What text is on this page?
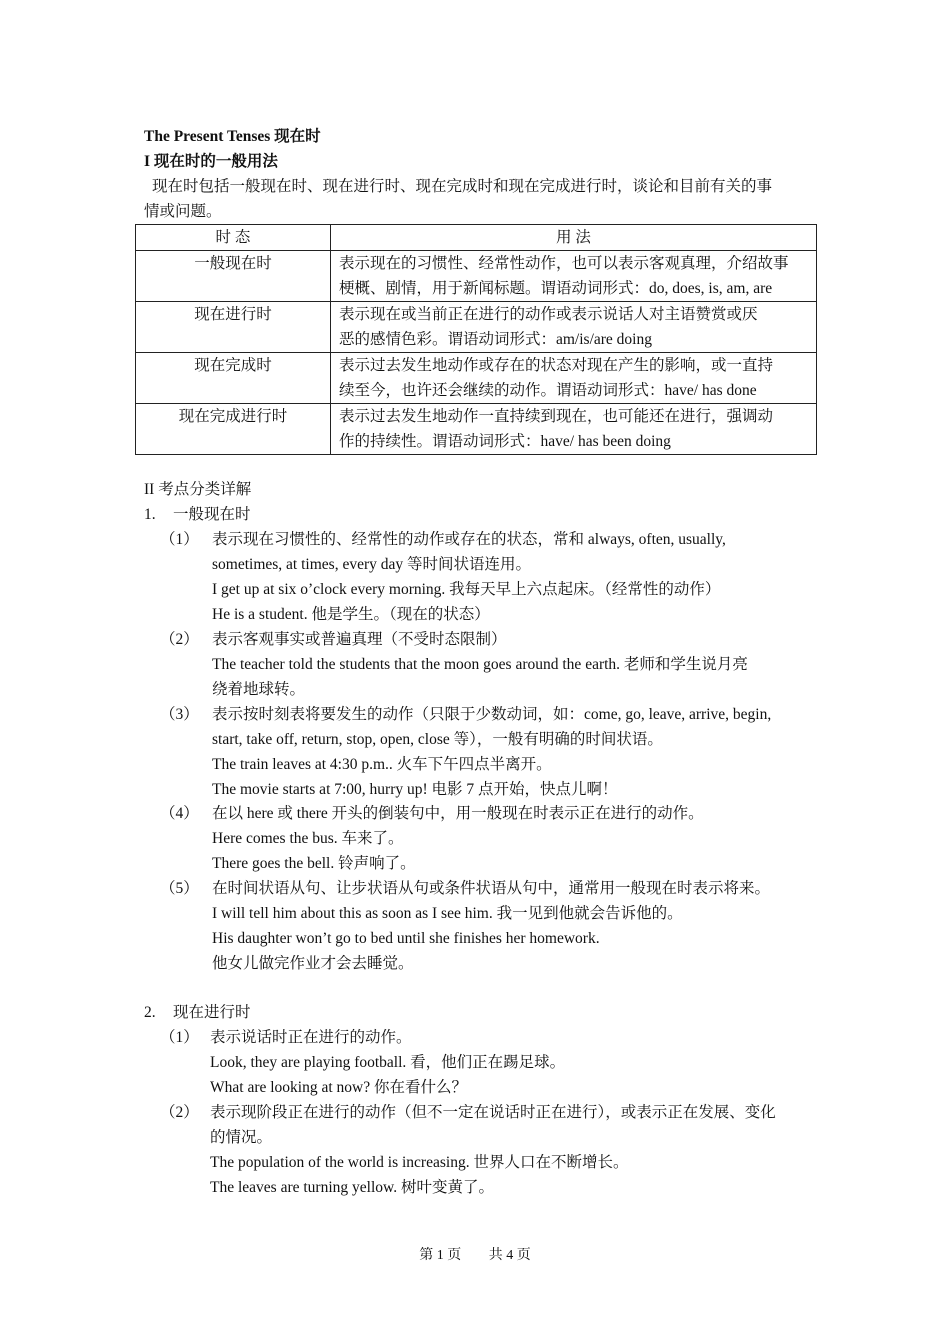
The Present Tenses 现在时
I 现在时的一般用法
现在时包括一般现在时、现在进行时、现在完成时和现在完成进行时，谈论和目前有关的事
情或问题。
时 态	用 法
一般现在时	表示现在的习惯性、经常性动作，也可以表示客观真理，介绍故事
梗概、剧情，用于新闻标题。谓语动词形式：do, does, is, am, are
现在进行时	表示现在或当前正在进行的动作或表示说话人对主语赞赏或厌
恶的感情色彩。谓语动词形式：am/is/are doing
现在完成时	表示过去发生地动作或存在的状态对现在产生的影响，或一直持
续至今，也许还会继续的动作。谓语动词形式：have/ has done
现在完成进行时	表示过去发生地动作一直持续到现在，也可能还在进行，强调动
作的持续性。谓语动词形式：have/ has been doing
II 考点分类详解
1. 一般现在时
（1） 表示现在习惯性的、经常性的动作或存在的状态，常和 always, often, usually,
sometimes, at times, every day 等时间状语连用。
I get up at six o’clock every morning. 我每天早上六点起床。（经常性的动作）
He is a student. 他是学生。（现在的状态）
（2） 表示客观事实或普遍真理（不受时态限制）
The teacher told the students that the moon goes around the earth. 老师和学生说月亮
绕着地球转。
（3） 表示按时刻表将要发生的动作（只限于少数动词，如：come, go, leave, arrive, begin,
start, take off, return, stop, open, close 等），一般有明确的时间状语。
The train leaves at 4:30 p.m.. 火车下午四点半离开。
The movie starts at 7:00, hurry up! 电影 7 点开始，快点儿啊！
（4） 在以 here 或 there 开头的倒装句中，用一般现在时表示正在进行的动作。
Here comes the bus. 车来了。
There goes the bell. 铃声响了。
（5） 在时间状语从句、让步状语从句或条件状语从句中，通常用一般现在时表示将来。
I will tell him about this as soon as I see him. 我一见到他就会告诉他的。
His daughter won’t go to bed until she finishes her homework.
他女儿做完作业才会去睡觉。
2. 现在进行时
（1） 表示说话时正在进行的动作。
Look, they are playing football. 看，他们正在踢足球。
What are looking at now? 你在看什么？
（2） 表示现阶段正在进行的动作（但不一定在说话时正在进行），或表示正在发展、变化
的情况。
The population of the world is increasing. 世界人口在不断增长。
The leaves are turning yellow. 树叶变黄了。
第 1 页 共 4 页
